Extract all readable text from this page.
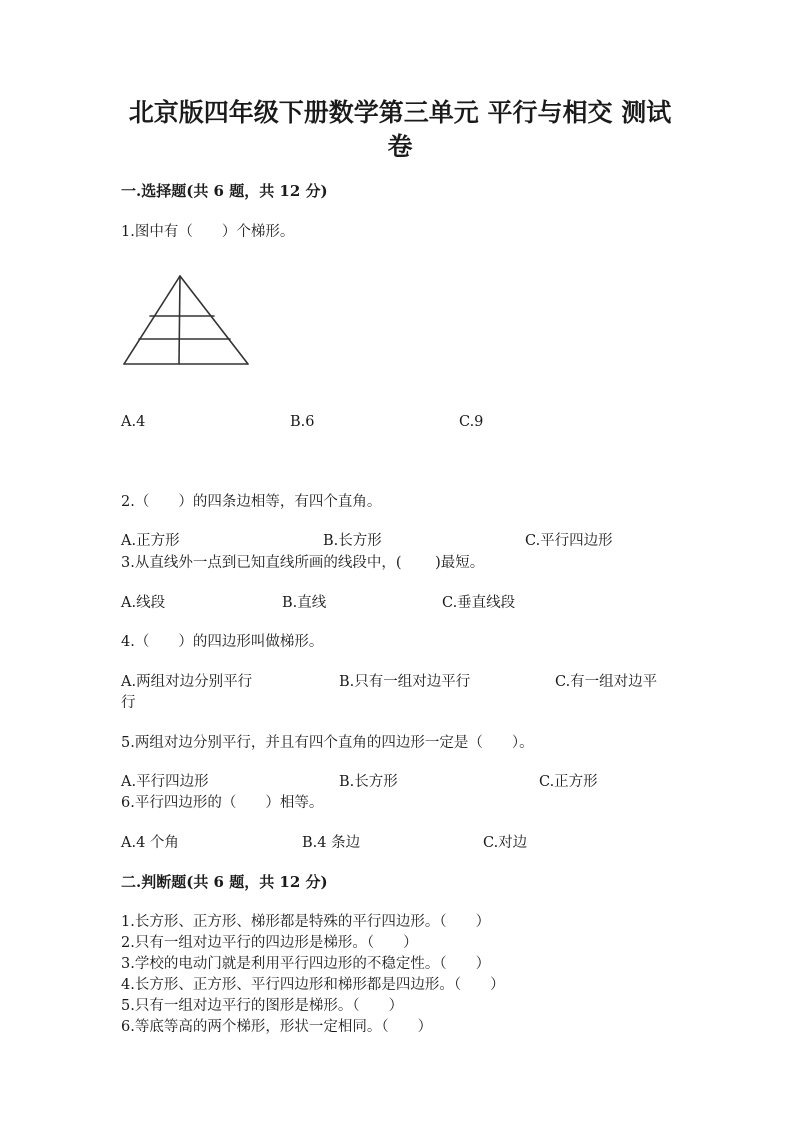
北京版四年级下册数学第三单元 平行与相交 测试
卷
一.选择题(共 6 题，共 12 分)
1.图中有（　　）个梯形。
A.4	B.6	C.9
2.（　　）的四条边相等，有四个直角。
A.正方形	B.长方形	C.平行四边形
3.从直线外一点到已知直线所画的线段中，(　　 )最短。
A.线段	B.直线	C.垂直线段
4.（　　）的四边形叫做梯形。
A.两组对边分别平行	B.只有一组对边平行	C.有一组对边平
行
5.两组对边分别平行，并且有四个直角的四边形一定是（　　）。
A.平行四边形	B.长方形	C.正方形
6.平行四边形的（　　）相等。
A.4 个角	B.4 条边	C.对边
二.判断题(共 6 题，共 12 分)
1.长方形、正方形、梯形都是特殊的平行四边形。（　　）
2.只有一组对边平行的四边形是梯形。（　　）
3.学校的电动门就是利用平行四边形的不稳定性。（　　）
4.长方形、正方形、平行四边形和梯形都是四边形。（　　）
5.只有一组对边平行的图形是梯形。（　　）
6.等底等高的两个梯形，形状一定相同。（　　）
